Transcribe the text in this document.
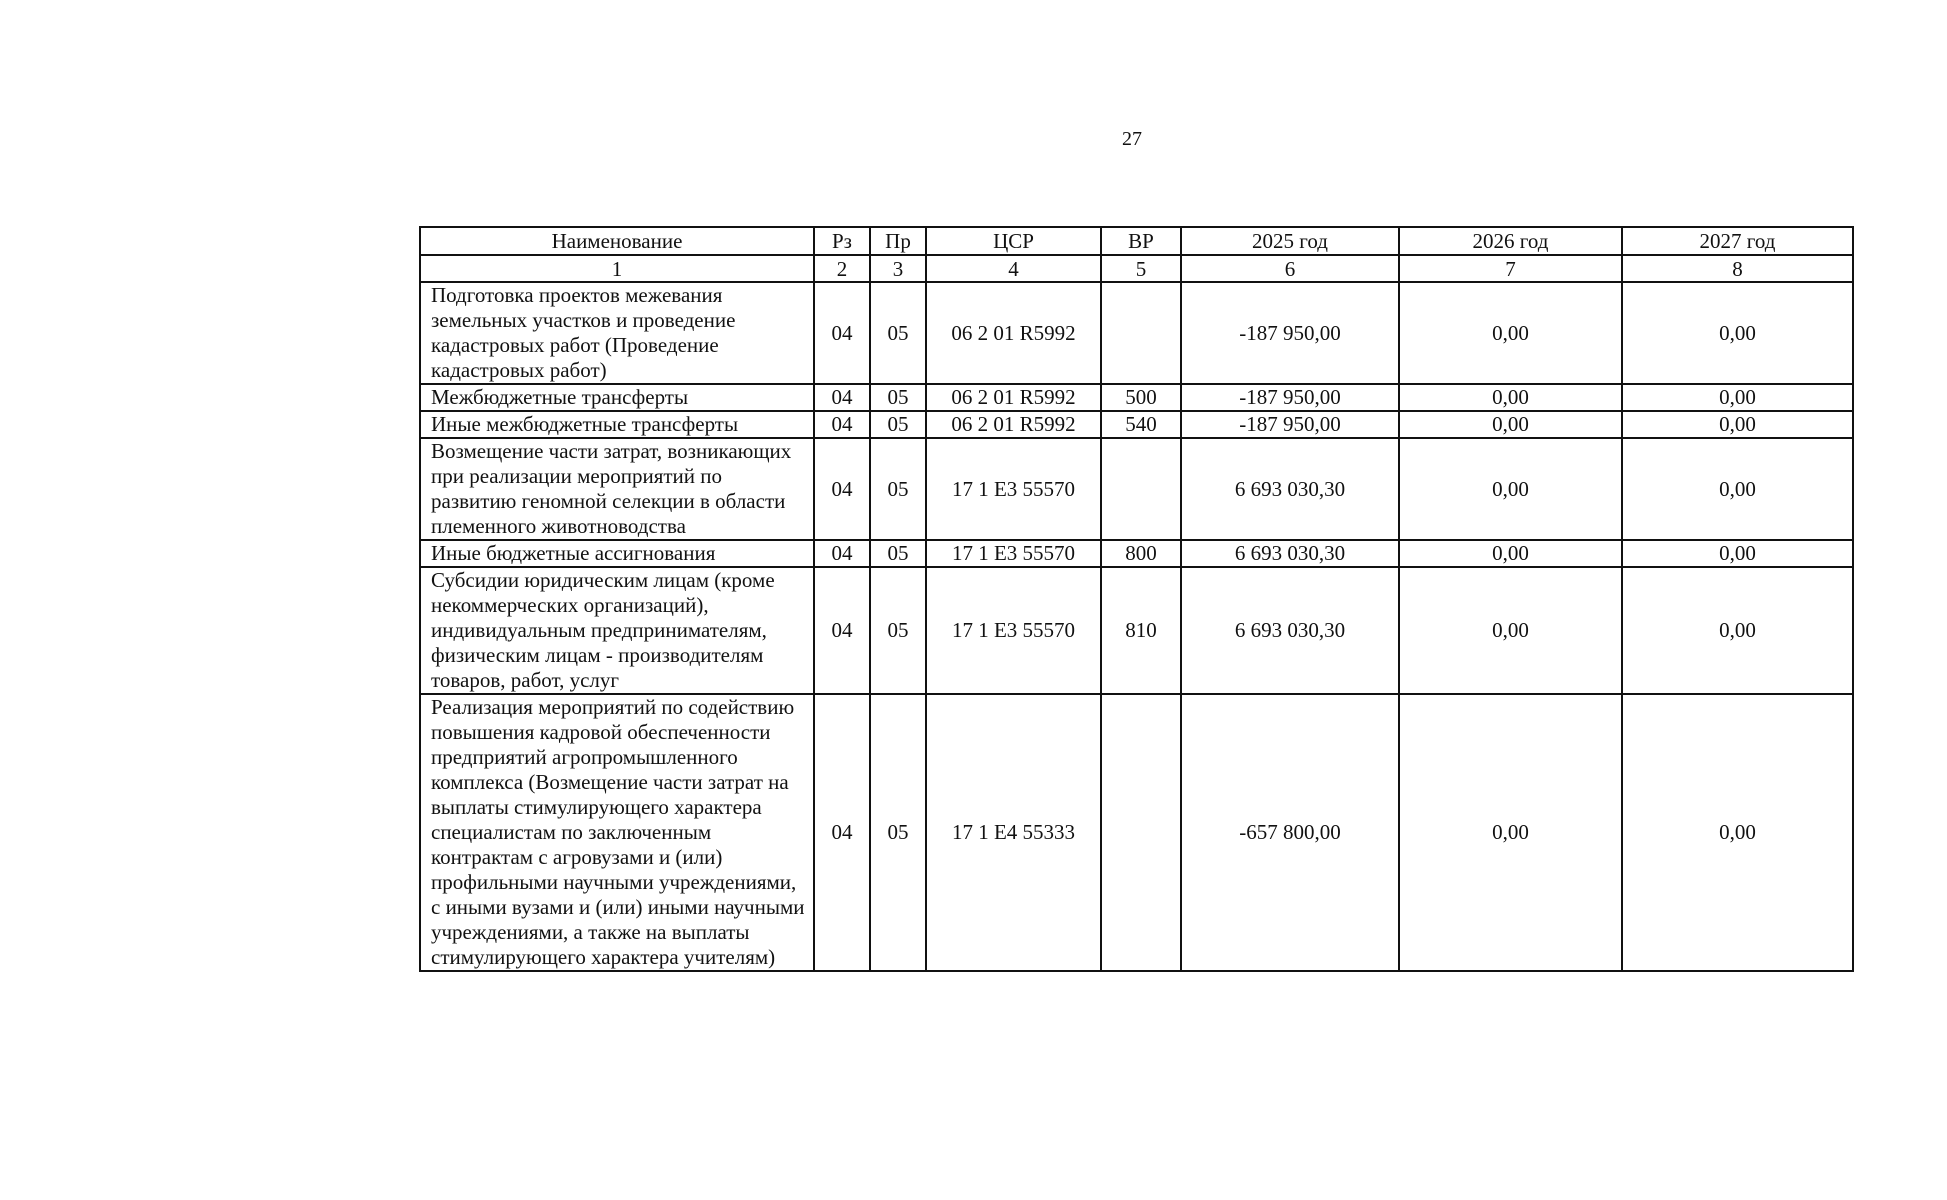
27
Наименование	Рз	Пр	ЦСР	ВР	2025 год	2026 год	2027 год
1	2	3	4	5	6	7	8
Подготовка проектов межевания земельных участков и проведение кадастровых работ (Проведение кадастровых работ)	04	05	06 2 01 R5992		-187 950,00	0,00	0,00
Межбюджетные трансферты	04	05	06 2 01 R5992	500	-187 950,00	0,00	0,00
Иные межбюджетные трансферты	04	05	06 2 01 R5992	540	-187 950,00	0,00	0,00
Возмещение части затрат, возникающих при реализации мероприятий по развитию геномной селекции в области племенного животноводства	04	05	17 1 E3 55570		6 693 030,30	0,00	0,00
Иные бюджетные ассигнования	04	05	17 1 E3 55570	800	6 693 030,30	0,00	0,00
Субсидии юридическим лицам (кроме некоммерческих организаций), индивидуальным предпринимателям, физическим лицам - производителям товаров, работ, услуг	04	05	17 1 E3 55570	810	6 693 030,30	0,00	0,00
Реализация мероприятий по содействию повышения кадровой обеспеченности предприятий агропромышленного комплекса (Возмещение части затрат на выплаты стимулирующего характера специалистам по заключенным контрактам с агровузами и (или) профильными научными учреждениями, с иными вузами и (или) иными научными учреждениями, а также на выплаты стимулирующего характера учителям)	04	05	17 1 E4 55333		-657 800,00	0,00	0,00
